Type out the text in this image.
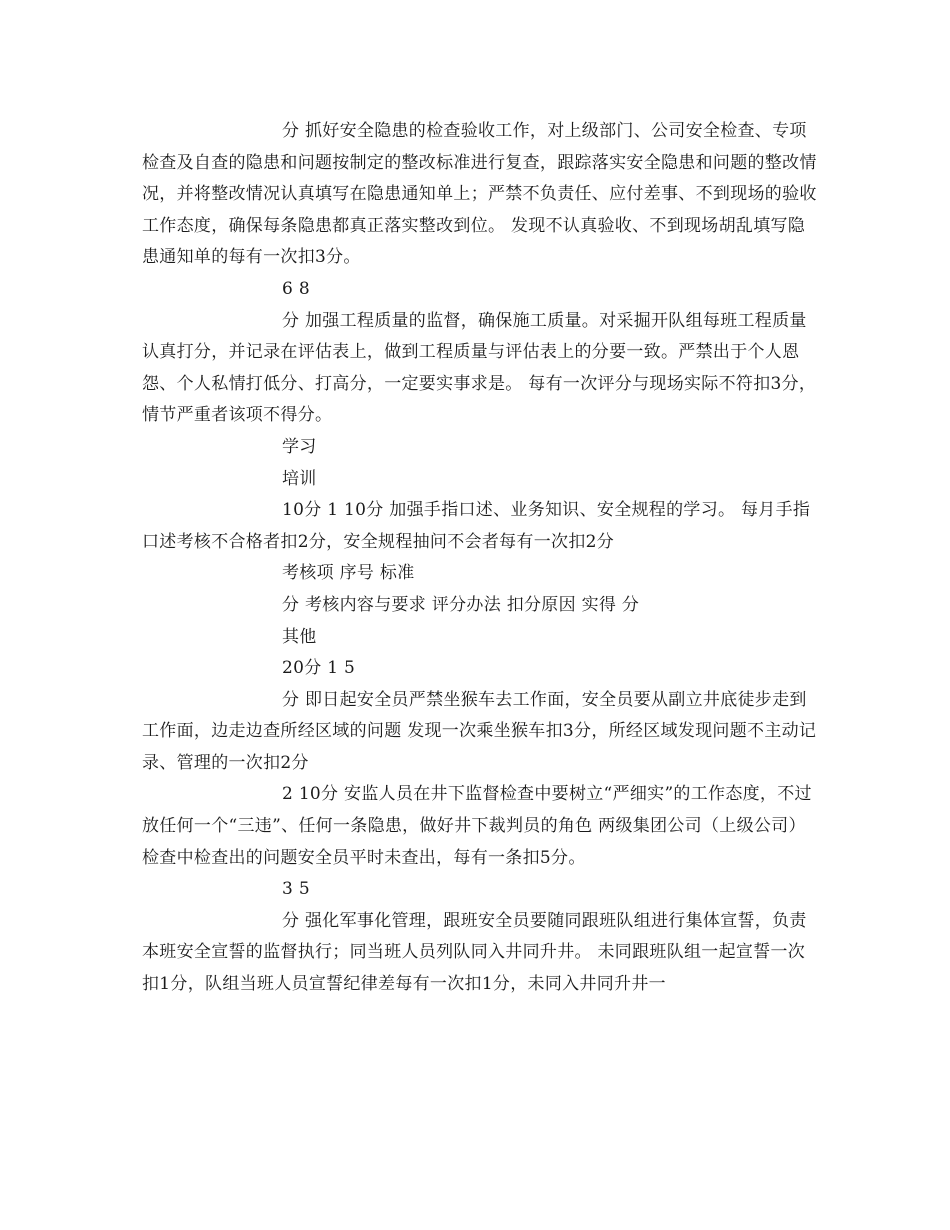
分 抓好安全隐患的检查验收工作，对上级部门、公司安全检查、专项检查及自查的隐患和问题按制定的整改标准进行复查，跟踪落实安全隐患和问题的整改情况，并将整改情况认真填写在隐患通知单上；严禁不负责任、应付差事、不到现场的验收工作态度，确保每条隐患都真正落实整改到位。 发现不认真验收、不到现场胡乱填写隐患通知单的每有一次扣3分。

6 8

分 加强工程质量的监督，确保施工质量。对采掘开队组每班工程质量认真打分，并记录在评估表上，做到工程质量与评估表上的分要一致。严禁出于个人恩怨、个人私情打低分、打高分，一定要实事求是。 每有一次评分与现场实际不符扣3分，情节严重者该项不得分。

学习

培训

10分 1 10分 加强手指口述、业务知识、安全规程的学习。 每月手指口述考核不合格者扣2分，安全规程抽问不会者每有一次扣2分

考核项 序号 标准

分 考核内容与要求 评分办法 扣分原因 实得 分

其他

20分 1 5

分 即日起安全员严禁坐猴车去工作面，安全员要从副立井底徒步走到工作面，边走边查所经区域的问题 发现一次乘坐猴车扣3分，所经区域发现问题不主动记录、管理的一次扣2分

2 10分 安监人员在井下监督检查中要树立“严细实”的工作态度，不过放任何一个“三违”、任何一条隐患，做好井下裁判员的角色 两级集团公司（上级公司）检查中检查出的问题安全员平时未查出，每有一条扣5分。

3 5

分 强化军事化管理，跟班安全员要随同跟班队组进行集体宣誓，负责本班安全宣誓的监督执行；同当班人员列队同入井同升井。 未同跟班队组一起宣誓一次扣1分，队组当班人员宣誓纪律差每有一次扣1分，未同入井同升井一
